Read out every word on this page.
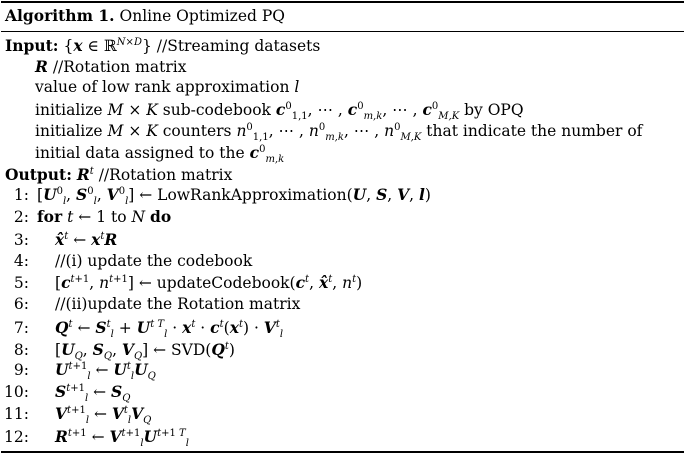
Algorithm 1. Online Optimized PQ
Input: {x ∈ ℝ$^{N\times D}$} //Streaming datasets
R //Rotation matrix
value of low rank approximation l
initialize M × K sub-codebook $c^0_{1,1}$, ⋯ , $c^0_{m,k}$, ⋯ , $c^0_{M,K}$ by OPQ
initialize M × K counters $n^0_{1,1}$, ⋯ , $n^0_{m,k}$, ⋯ , $n^0_{M,K}$ that indicate the number of
initial data assigned to the $c^0_{m,k}$
Output: $R^t$ //Rotation matrix
1: [$U^0_l$, $S^0_l$, $V^0_l$] ← LowRankApproximation(U, S, V, l)
2: for t ← 1 to N do
3: x̂$^t$ ← $x^tR$
4: //(i) update the codebook
5: [$c^{t+1}$, $n^{t+1}$] ← $updateCodebook(c^t$, x̂$^t$, $n^t$)
6: //(ii)update the Rotation matrix
7: $Q^t$ ← $S^t_l + U^{t T}_l \cdot x^t \cdot c^t(x^t) \cdot V^t_l$
8: [$U_Q$, $S_Q$, $V_Q$] ← $SVD(Q^t)$
9: $U^{t+1}_l$ ← $U^t_lU_Q$
10: $S^{t+1}_l$ ← $S_Q$
11: $V^{t+1}_l$ ← $V^t_lV_Q$
12: $R^{t+1}$ ← $V^{t+1}_lU^{t+1 T}_l$
